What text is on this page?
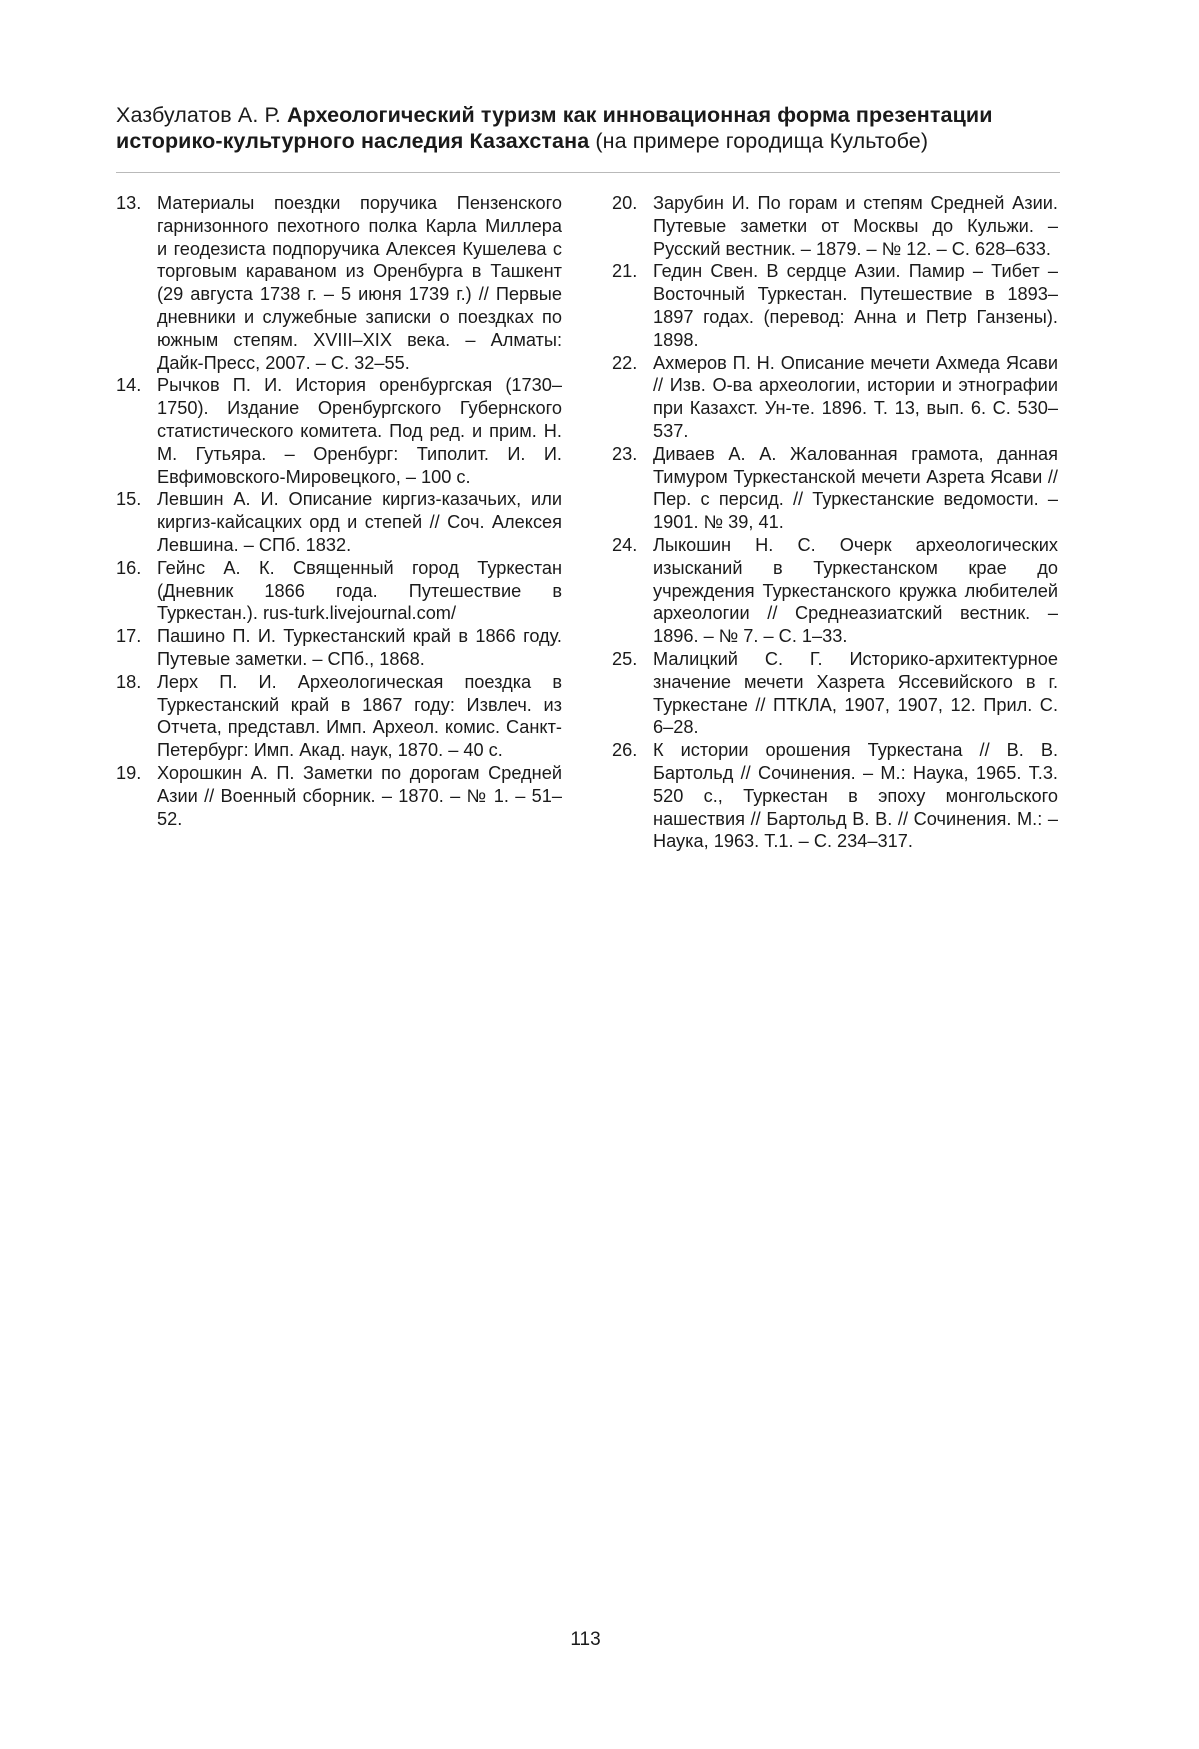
Хазбулатов А. Р. Археологический туризм как инновационная форма презентации историко-культурного наследия Казахстана (на примере городища Культобе)
13. Материалы поездки поручика Пензенского гарнизонного пехотного полка Карла Миллера и геодезиста подпоручика Алексея Кушелева с торговым караваном из Оренбурга в Ташкент (29 августа 1738 г. – 5 июня 1739 г.) // Первые дневники и служебные записки о поездках по южным степям. XVIII–XIX века. – Алматы: Дайк-Пресс, 2007. – С. 32–55.
14. Рычков П. И. История оренбургская (1730–1750). Издание Оренбургского Губернского статистического комитета. Под ред. и прим. Н. М. Гутьяра. – Оренбург: Типолит. И. И. Евфимовского-Мировецкого, – 100 с.
15. Левшин А. И. Описание киргиз-казачьих, или киргиз-кайсацких орд и степей // Соч. Алексея Левшина. – СПб. 1832.
16. Гейнс А. К. Священный город Туркестан (Дневник 1866 года. Путешествие в Туркестан.). rus-turk.livejournal.com/
17. Пашино П. И. Туркестанский край в 1866 году. Путевые заметки. – СПб., 1868.
18. Лерх П. И. Археологическая поездка в Туркестанский край в 1867 году: Извлеч. из Отчета, представл. Имп. Археол. комис. Санкт-Петербург: Имп. Акад. наук, 1870. – 40 с.
19. Хорошкин А. П. Заметки по дорогам Средней Азии // Военный сборник. – 1870. – № 1. – 51–52.
20. Зарубин И. По горам и степям Средней Азии. Путевые заметки от Москвы до Кульжи. – Русский вестник. – 1879. – № 12. – С. 628–633.
21. Гедин Свен. В сердце Азии. Памир – Тибет – Восточный Туркестан. Путешествие в 1893–1897 годах. (перевод: Анна и Петр Ганзены). 1898.
22. Ахмеров П. Н. Описание мечети Ахмеда Ясави // Изв. О-ва археологии, истории и этнографии при Казахст. Ун-те. 1896. Т. 13, вып. 6. С. 530–537.
23. Диваев А. А. Жалованная грамота, данная Тимуром Туркестанской мечети Азрета Ясави // Пер. с персид. // Туркестанские ведомости. – 1901. № 39, 41.
24. Лыкошин Н. С. Очерк археологических изысканий в Туркестанском крае до учреждения Туркестанского кружка любителей археологии // Среднеазиатский вестник. – 1896. – № 7. – С. 1–33.
25. Малицкий С. Г. Историко-архитектурное значение мечети Хазрета Яссевийского в г. Туркестане // ПТКЛА, 1907, 1907, 12. Прил. С. 6–28.
26. К истории орошения Туркестана // В. В. Бартольд // Сочинения. – М.: Наука, 1965. Т.3. 520 с., Туркестан в эпоху монгольского нашествия // Бартольд В. В. // Сочинения. М.: – Наука, 1963. Т.1. – С. 234–317.
113
